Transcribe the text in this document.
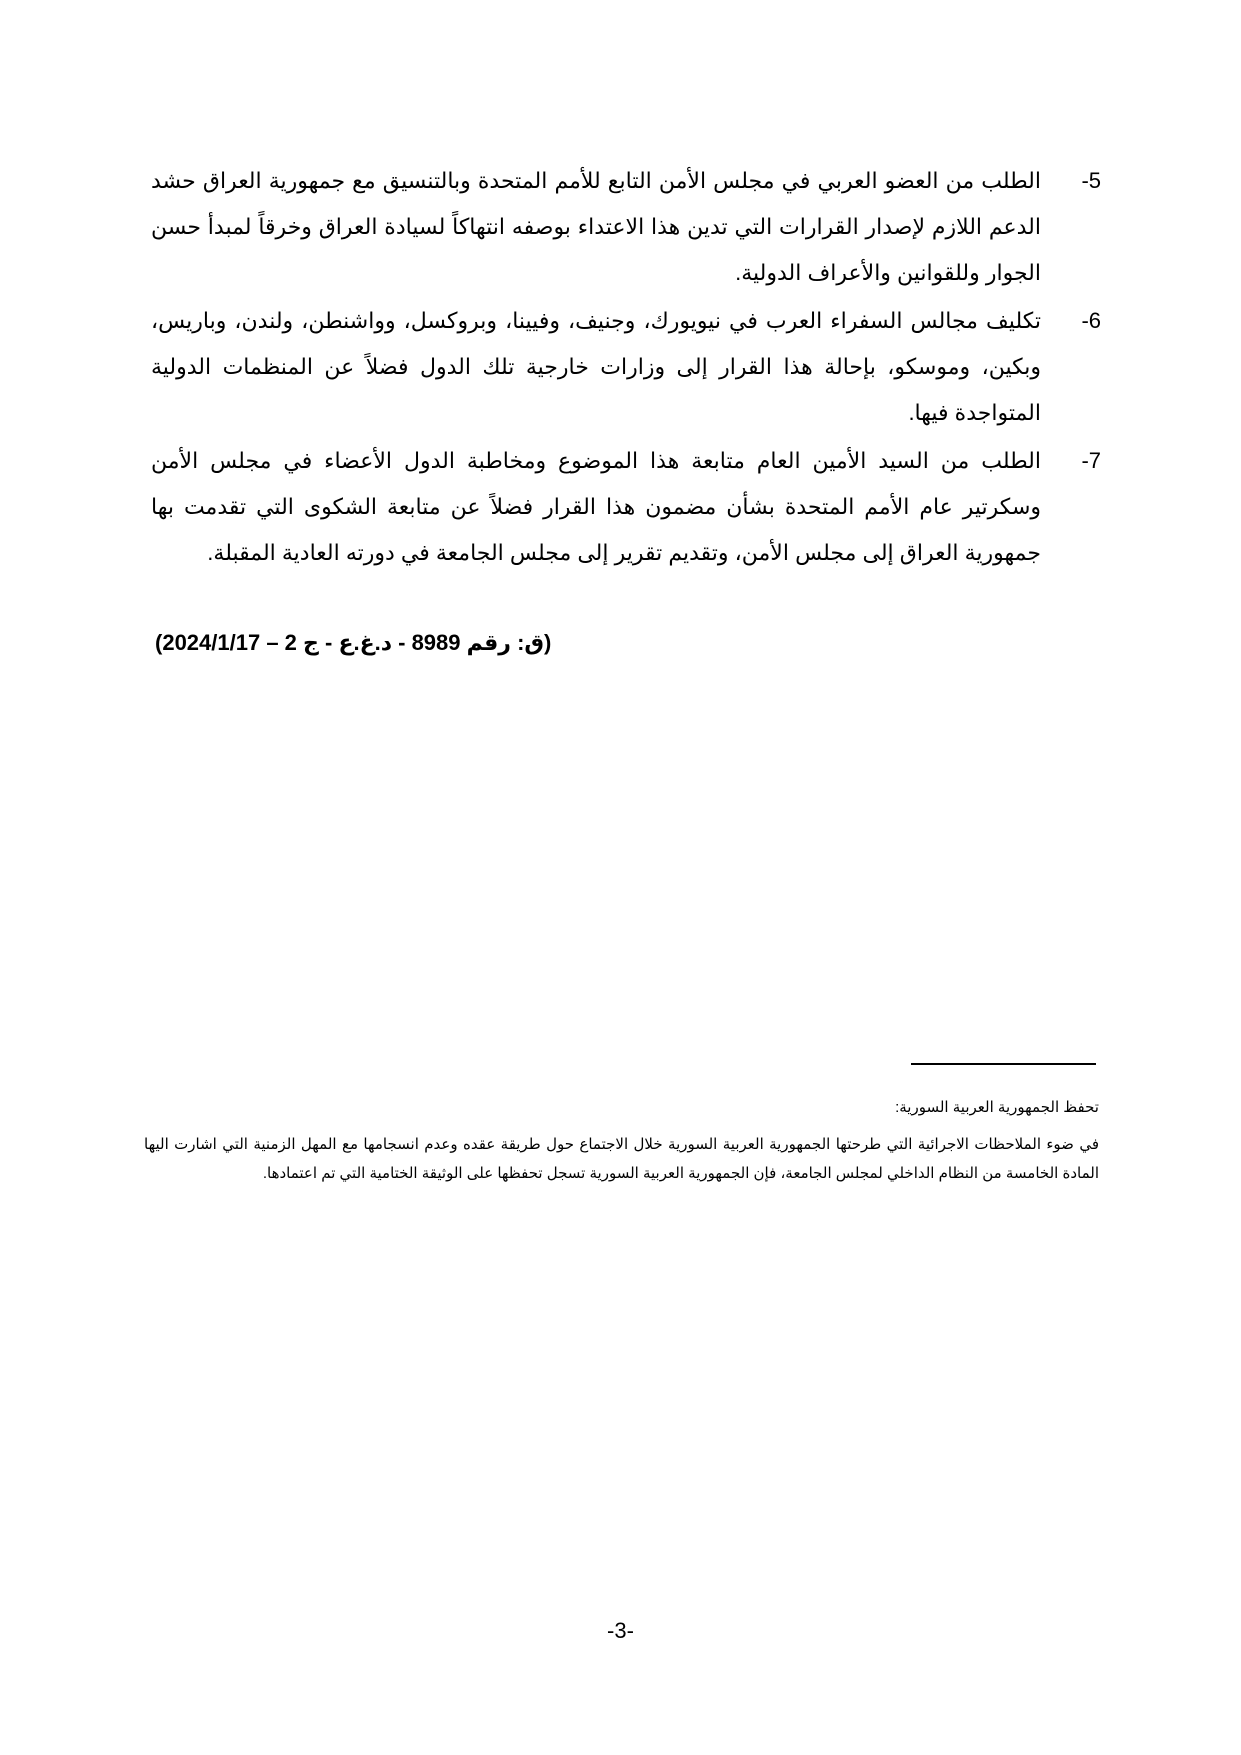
-5
الطلب من العضو العربي في مجلس الأمن التابع للأمم المتحدة وبالتنسيق مع جمهورية العراق حشد الدعم اللازم لإصدار القرارات التي تدين هذا الاعتداء بوصفه انتهاكاً لسيادة العراق وخرقاً لمبدأ حسن الجوار وللقوانين والأعراف الدولية.
-6
تكليف مجالس السفراء العرب في نيويورك، وجنيف، وفيينا، وبروكسل، وواشنطن، ولندن، وباريس، وبكين، وموسكو، بإحالة هذا القرار إلى وزارات خارجية تلك الدول فضلاً عن المنظمات الدولية المتواجدة فيها.
-7
الطلب من السيد الأمين العام متابعة هذا الموضوع ومخاطبة الدول الأعضاء في مجلس الأمن وسكرتير عام الأمم المتحدة بشأن مضمون هذا القرار فضلاً عن متابعة الشكوى التي تقدمت بها جمهورية العراق إلى مجلس الأمن، وتقديم تقرير إلى مجلس الجامعة في دورته العادية المقبلة.
(ق: رقم 8989 - د.غ.ع - ج 2 – 2024/1/17)
تحفظ الجمهورية العربية السورية:
في ضوء الملاحظات الاجرائية التي طرحتها الجمهورية العربية السورية خلال الاجتماع حول طريقة عقده وعدم انسجامها مع المهل الزمنية التي اشارت اليها المادة الخامسة من النظام الداخلي لمجلس الجامعة، فإن الجمهورية العربية السورية تسجل تحفظها على الوثيقة الختامية التي تم اعتمادها.
-3-
